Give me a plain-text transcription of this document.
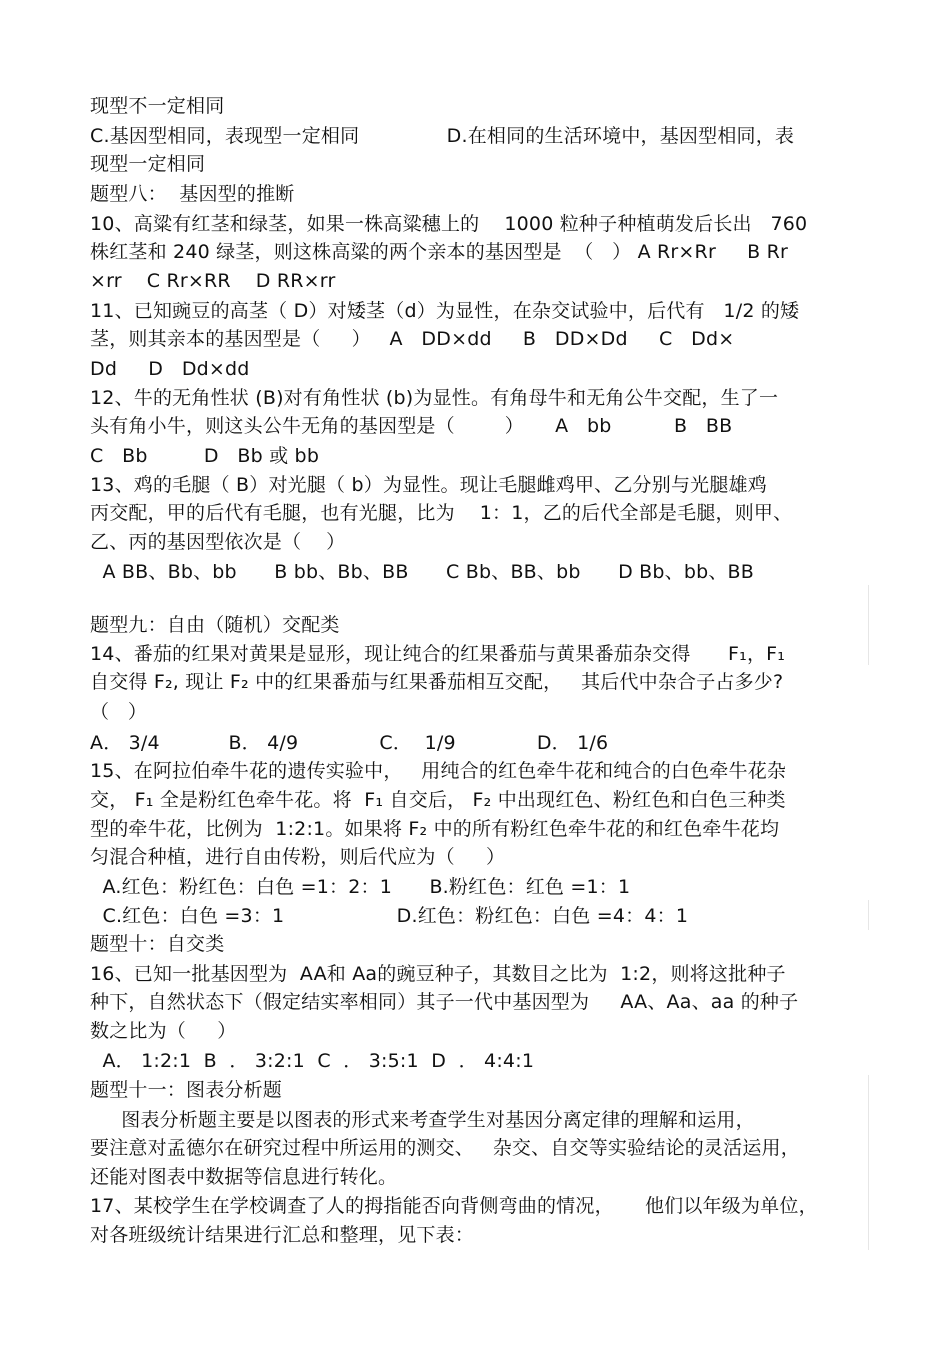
现型不一定相同
C.基因型相同，表现型一定相同              D.在相同的生活环境中，基因型相同，表
现型一定相同
题型八：  基因型的推断
10、高粱有红茎和绿茎，如果一株高粱穗上的    1000 粒种子种植萌发后长出   760
株红茎和 240 绿茎，则这株高粱的两个亲本的基因型是  （   ） A Rr×Rr     B Rr
×rr    C Rr×RR    D RR×rr
11、已知豌豆的高茎（ D）对矮茎（d）为显性，在杂交试验中，后代有   1/2 的矮
茎，则其亲本的基因型是（     ）   A   DD×dd     B   DD×Dd     C   Dd×
Dd     D   Dd×dd
12、牛的无角性状 (B)对有角性状 (b)为显性。有角母牛和无角公牛交配，生了一
头有角小牛，则这头公牛无角的基因型是（        ）     A   bb          B   BB
C   Bb         D   Bb 或 bb
13、鸡的毛腿（ B）对光腿（ b）为显性。现让毛腿雌鸡甲、乙分别与光腿雄鸡
丙交配，甲的后代有毛腿，也有光腿，比为    1：1，乙的后代全部是毛腿，则甲、
乙、丙的基因型依次是（    ）
A BB、Bb、bb      B bb、Bb、BB      C Bb、BB、bb      D Bb、bb、BB
题型九：自由（随机）交配类
14、番茄的红果对黄果是显形，现让纯合的红果番茄与黄果番茄杂交得      F₁，F₁
自交得 F₂, 现让 F₂ 中的红果番茄与红果番茄相互交配，   其后代中杂合子占多少?
（   ）
A． 3/4           B． 4/9             C．  1/9             D． 1/6
15、在阿拉伯牵牛花的遗传实验中，   用纯合的红色牵牛花和纯合的白色牵牛花杂
交， F₁ 全是粉红色牵牛花。将  F₁ 自交后， F₂ 中出现红色、粉红色和白色三种类
型的牵牛花，比例为  1:2:1。如果将 F₂ 中的所有粉红色牵牛花的和红色牵牛花均
匀混合种植，进行自由传粉，则后代应为（     ）
A.红色：粉红色：白色 =1：2：1      B.粉红色：红色 =1：1
C.红色：白色 =3：1                  D.红色：粉红色：白色 =4：4：1
题型十：自交类
16、已知一批基因型为  AA和 Aa的豌豆种子，其数目之比为  1:2，则将这批种子
种下，自然状态下（假定结实率相同）其子一代中基因型为     AA、Aa、aa 的种子
数之比为（     ）
A． 1:2:1  B  ． 3:2:1  C  ． 3:5:1  D  ． 4:4:1
题型十一：图表分析题
图表分析题主要是以图表的形式来考查学生对基因分离定律的理解和运用，
要注意对孟德尔在研究过程中所运用的测交、   杂交、自交等实验结论的灵活运用，
还能对图表中数据等信息进行转化。
17、某校学生在学校调查了人的拇指能否向背侧弯曲的情况，     他们以年级为单位，
对各班级统计结果进行汇总和整理，见下表：
